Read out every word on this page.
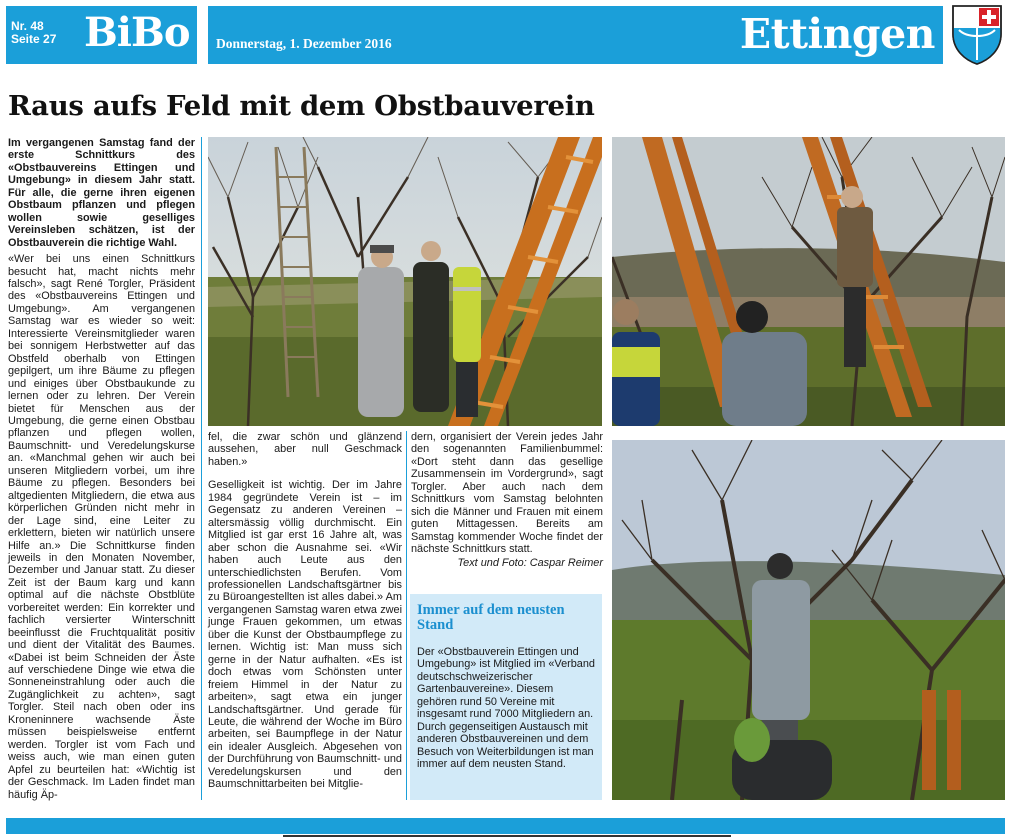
Nr. 48
Seite 27 BiBo Donnerstag, 1. Dezember 2016	Ettingen
Raus aufs Feld mit dem Obstbauverein

Im vergangenen Samstag fand der erste Schnittkurs des «Obstbauvereins Ettingen und Umgebung» in diesem Jahr statt. Für alle, die gerne ihren eigenen Obstbaum pflanzen und pflegen wollen sowie geselliges Vereinsleben schätzen, ist der Obstbauverein die richtige Wahl.

«Wer bei uns einen Schnittkurs besucht hat, macht nichts mehr falsch», sagt René Torgler, Präsident des «Obstbauvereins Ettingen und Umgebung». Am vergangenen Samstag war es wieder so weit: Interessierte Vereinsmitglieder waren bei sonnigem Herbstwetter auf das Obstfeld oberhalb von Ettingen gepilgert, um ihre Bäume zu pflegen und einiges über Obstbaukunde zu lernen oder zu lehren. Der Verein bietet für Menschen aus der Umgebung, die gerne einen Obstbau pflanzen und pflegen wollen, Baumschnitt- und Veredelungskurse an. «Manchmal gehen wir auch bei unseren Mitgliedern vorbei, um ihre Bäume zu pflegen. Besonders bei altgedienten Mitgliedern, die etwa aus körperlichen Gründen nicht mehr in der Lage sind, eine Leiter zu erklettern, bieten wir natürlich unsere Hilfe an.» Die Schnittkurse finden jeweils in den Monaten November, Dezember und Januar statt. Zu dieser Zeit ist der Baum karg und kann optimal auf die nächste Obstblüte vorbereitet werden: Ein korrekter und fachlich versierter Winterschnitt beeinflusst die Fruchtqualität positiv und dient der Vitalität des Baumes. «Dabei ist beim Schneiden der Äste auf verschiedene Dinge wie etwa die Sonneneinstrahlung oder auch die Zugänglichkeit zu achten», sagt Torgler. Steil nach oben oder ins Kroneninnere wachsende Äste müssen beispielsweise entfernt werden. Torgler ist vom Fach und weiss auch, wie man einen guten Apfel zu beurteilen hat: «Wichtig ist der Geschmack. Im Laden findet man häufig Äp-

fel, die zwar schön und glänzend aussehen, aber null Geschmack haben.»

Geselligkeit ist wichtig. Der im Jahre 1984 gegründete Verein ist – im Gegensatz zu anderen Vereinen – altersmässig völlig durchmischt. Ein Mitglied ist gar erst 16 Jahre alt, was aber schon die Ausnahme sei. «Wir haben auch Leute aus den unterschiedlichsten Berufen. Vom professionellen Landschaftsgärtner bis zu Büroangestellten ist alles dabei.» Am vergangenen Samstag waren etwa zwei junge Frauen gekommen, um etwas über die Kunst der Obstbaumpflege zu lernen. Wichtig ist: Man muss sich gerne in der Natur aufhalten. «Es ist doch etwas vom Schönsten unter freiem Himmel in der Natur zu arbeiten», sagt etwa ein junger Landschaftsgärtner. Und gerade für Leute, die während der Woche im Büro arbeiten, sei Baumpflege in der Natur ein idealer Ausgleich. Abgesehen von der Durchführung von Baumschnitt- und Veredelungskursen und den Baumschnittarbeiten bei Mitglie-

dern, organisiert der Verein jedes Jahr den sogenannten Familienbummel: «Dort steht dann das gesellige Zusammensein im Vordergrund», sagt Torgler. Aber auch nach dem Schnittkurs vom Samstag belohnten sich die Männer und Frauen mit einem guten Mittagessen. Bereits am Samstag kommender Woche findet der nächste Schnittkurs statt.

Text und Foto: Caspar Reimer

Immer auf dem neusten Stand

Der «Obstbauverein Ettingen und Umgebung» ist Mitglied im «Verband deutschschweizerischer Gartenbauvereine». Diesem gehören rund 50 Vereine mit insgesamt rund 7000 Mitgliedern an.

Durch gegenseitigen Austausch mit anderen Obstbauvereinen und dem Besuch von Weiterbildungen ist man immer auf dem neusten Stand.
